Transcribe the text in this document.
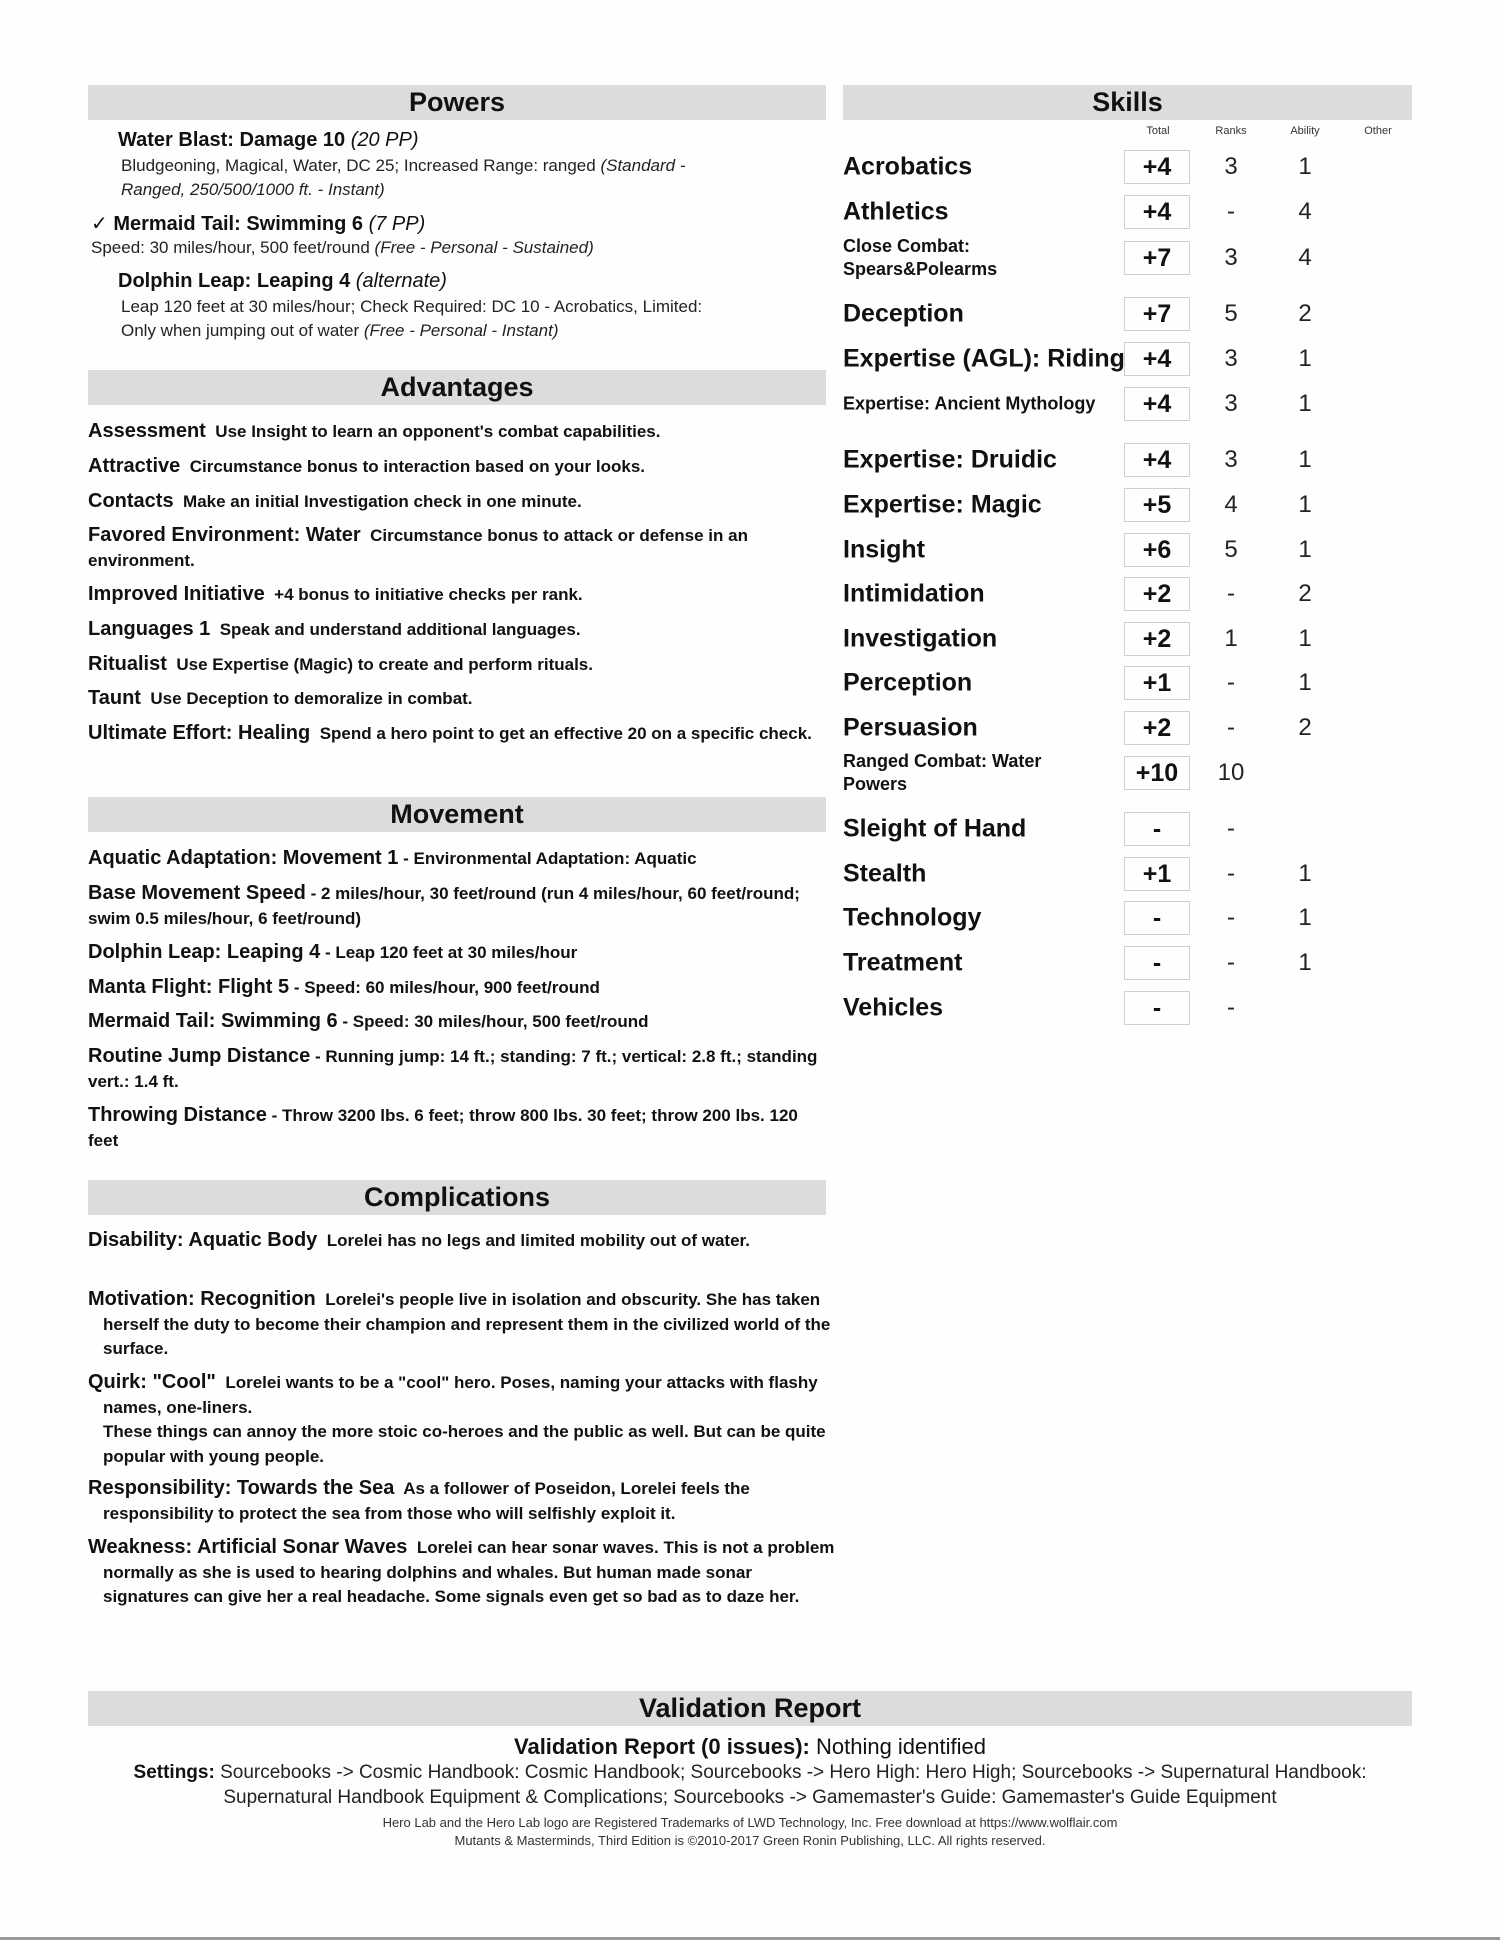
Powers	Skills
Advantages
Movement
Complications
Validation Report
Water Blast: Damage 10 (20 PP)
Bludgeoning, Magical, Water, DC 25; Increased Range: ranged (Standard -
Ranged, 250/500/1000 ft. - Instant)
✓ Mermaid Tail: Swimming 6 (7 PP)
Speed: 30 miles/hour, 500 feet/round (Free - Personal - Sustained)
Dolphin Leap: Leaping 4 (alternate)
Leap 120 feet at 30 miles/hour; Check Required: DC 10 - Acrobatics, Limited:
Only when jumping out of water (Free - Personal - Instant)
Assessment Use Insight to learn an opponent's combat capabilities.
Attractive Circumstance bonus to interaction based on your looks.
Contacts Make an initial Investigation check in one minute.
Favored Environment: Water Circumstance bonus to attack or defense in an environment.
Improved Initiative +4 bonus to initiative checks per rank.
Languages 1 Speak and understand additional languages.
Ritualist Use Expertise (Magic) to create and perform rituals.
Taunt Use Deception to demoralize in combat.
Ultimate Effort: Healing Spend a hero point to get an effective 20 on a specific check.
Aquatic Adaptation: Movement 1 - Environmental Adaptation: Aquatic
Base Movement Speed - 2 miles/hour, 30 feet/round (run 4 miles/hour, 60 feet/round; swim 0.5 miles/hour, 6 feet/round)
Dolphin Leap: Leaping 4 - Leap 120 feet at 30 miles/hour
Manta Flight: Flight 5 - Speed: 60 miles/hour, 900 feet/round
Mermaid Tail: Swimming 6 - Speed: 30 miles/hour, 500 feet/round
Routine Jump Distance - Running jump: 14 ft.; standing: 7 ft.; vertical: 2.8 ft.; standing vert.: 1.4 ft.
Throwing Distance - Throw 3200 lbs. 6 feet; throw 800 lbs. 30 feet; throw 200 lbs. 120 feet
Disability: Aquatic Body Lorelei has no legs and limited mobility out of water.
Motivation: Recognition Lorelei's people live in isolation and obscurity. She has taken herself the duty to become their champion and represent them in the civilized world of the surface.
Quirk: "Cool" Lorelei wants to be a "cool" hero. Poses, naming your attacks with flashy names, one-liners.
These things can annoy the more stoic co-heroes and the public as well. But can be quite popular with young people.
Responsibility: Towards the Sea As a follower of Poseidon, Lorelei feels the responsibility to protect the sea from those who will selfishly exploit it.
Weakness: Artificial Sonar Waves Lorelei can hear sonar waves. This is not a problem normally as she is used to hearing dolphins and whales. But human made sonar signatures can give her a real headache. Some signals even get so bad as to daze her.
Total	Ranks	Ability	Other
Acrobatics	+4	3	1
Athletics	+4	-	4
Close Combat: Spears&Polearms	+7	3	4
Deception	+7	5	2
Expertise (AGL): Riding +4	3	1
Expertise: Ancient Mythology	+4	3	1
Expertise: Druidic	+4	3	1
Expertise: Magic	+5	4	1
Insight	+6	5	1
Intimidation	+2	-	2
Investigation	+2	1	1
Perception	+1	-	1
Persuasion	+2	-	2
Ranged Combat: Water Powers	+10	10
Sleight of Hand	-	-
Stealth	+1	-	1
Technology	-	-	1
Treatment	-	-	1
Vehicles	-	-
Validation Report (0 issues): Nothing identified
Settings: Sourcebooks -> Cosmic Handbook: Cosmic Handbook; Sourcebooks -> Hero High: Hero High; Sourcebooks -> Supernatural Handbook: Supernatural Handbook Equipment & Complications; Sourcebooks -> Gamemaster's Guide: Gamemaster's Guide Equipment
Hero Lab and the Hero Lab logo are Registered Trademarks of LWD Technology, Inc. Free download at https://www.wolflair.com
Mutants & Masterminds, Third Edition is ©2010-2017 Green Ronin Publishing, LLC. All rights reserved.
